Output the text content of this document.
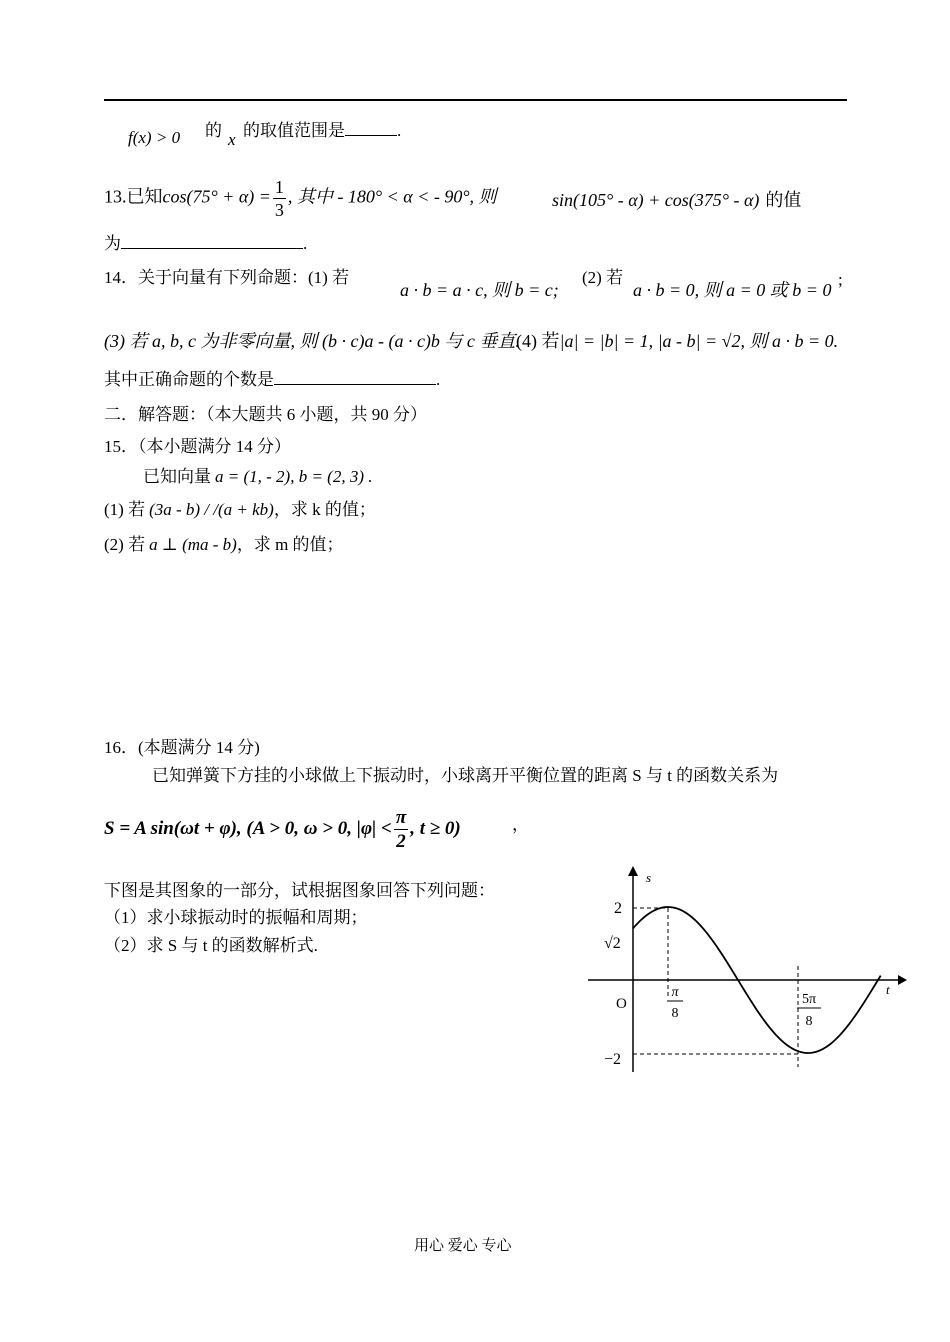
f(x) > 0 的 x 的取值范围是	.
13.已知$\cos(75^\circ + \alpha) = \frac{1}{3}$ , 其中 - 180° < α < - 90°, 则	sin(105° - α) + cos(375° - α) 的值
为	.
14．关于向量有下列命题：(1) 若
a · b = a · c, 则 b = c;
(2) 若
a · b = 0, 则 a = 0 或 b = 0
;
(3) 若 a, b, c 为非零向量, 则 (b · c)a - (a · c)b 与 c 垂直.
(4) 若|a| = |b| = 1, |a - b| = √2, 则 a · b = 0.
其中正确命题的个数是	.
二．解答题：（本大题共 6 小题，共 90 分）
15．（本小题满分 14 分）
已知向量 a = (1, - 2), b = (2, 3) .
(1) 若 (3a - b) / /(a + kb)，求 k 的值；
(2) 若 a ⊥ (ma - b)，求 m 的值；
16．(本题满分 14 分)
已知弹簧下方挂的小球做上下振动时，小球离开平衡位置的距离 S 与 t 的函数关系为
S = A sin(ωt + φ), (A > 0, ω > 0, $|\varphi| < \frac{\pi}{2}$ , t ≥ 0)	，
下图是其图象的一部分，试根据图象回答下列问题：
（1）求小球振动时的振幅和周期；
（2）求 S 与 t 的函数解析式.
s
t
O
2
√2
−2
π
8
5π
8
用心 爱心 专心
